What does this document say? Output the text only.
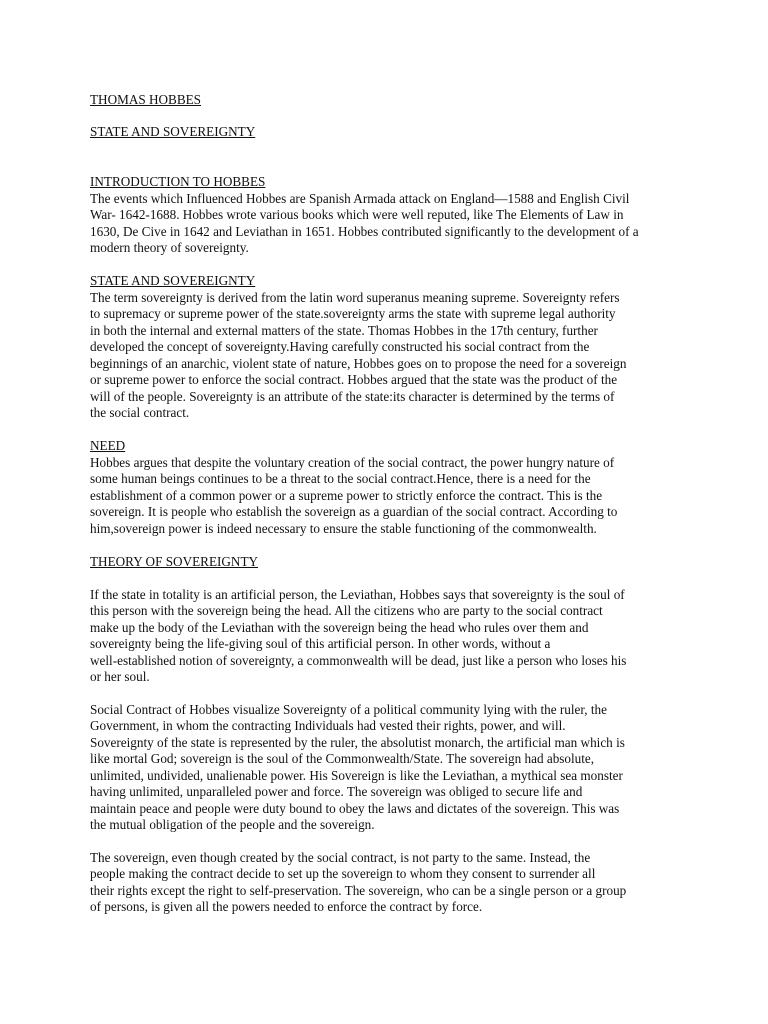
THOMAS HOBBES
STATE AND SOVEREIGNTY
INTRODUCTION TO HOBBES

The events which Influenced Hobbes are Spanish Armada attack on England—1588 and English Civil
War- 1642-1688. Hobbes wrote various books which were well reputed, like The Elements of Law in
1630, De Cive in 1642 and Leviathan in 1651. Hobbes contributed significantly to the development of a
modern theory of sovereignty.

STATE AND SOVEREIGNTY

The term sovereignty is derived from the latin word superanus meaning supreme. Sovereignty refers
to supremacy or supreme power of the state.sovereignty arms the state with supreme legal authority
in both the internal and external matters of the state. Thomas Hobbes in the 17th century, further
developed the concept of sovereignty.Having carefully constructed his social contract from the
beginnings of an anarchic, violent state of nature, Hobbes goes on to propose the need for a sovereign
or supreme power to enforce the social contract. Hobbes argued that the state was the product of the
will of the people. Sovereignty is an attribute of the state:its character is determined by the terms of
the social contract.

NEED

Hobbes argues that despite the voluntary creation of the social contract, the power hungry nature of
some human beings continues to be a threat to the social contract.Hence, there is a need for the
establishment of a common power or a supreme power to strictly enforce the contract. This is the
sovereign. It is people who establish the sovereign as a guardian of the social contract. According to
him,sovereign power is indeed necessary to ensure the stable functioning of the commonwealth.

THEORY OF SOVEREIGNTY

If the state in totality is an artificial person, the Leviathan, Hobbes says that sovereignty is the soul of
this person with the sovereign being the head. All the citizens who are party to the social contract
make up the body of the Leviathan with the sovereign being the head who rules over them and
sovereignty being the life-giving soul of this artificial person. In other words, without a
well-established notion of sovereignty, a commonwealth will be dead, just like a person who loses his
or her soul.

Social Contract of Hobbes visualize Sovereignty of a political community lying with the ruler, the
Government, in whom the contracting Individuals had vested their rights, power, and will.
Sovereignty of the state is represented by the ruler, the absolutist monarch, the artificial man which is
like mortal God; sovereign is the soul of the Commonwealth/State. The sovereign had absolute,
unlimited, undivided, unalienable power. His Sovereign is like the Leviathan, a mythical sea monster
having unlimited, unparalleled power and force. The sovereign was obliged to secure life and
maintain peace and people were duty bound to obey the laws and dictates of the sovereign. This was
the mutual obligation of the people and the sovereign.

The sovereign, even though created by the social contract, is not party to the same. Instead, the
people making the contract decide to set up the sovereign to whom they consent to surrender all
their rights except the right to self-preservation. The sovereign, who can be a single person or a group
of persons, is given all the powers needed to enforce the contract by force.
